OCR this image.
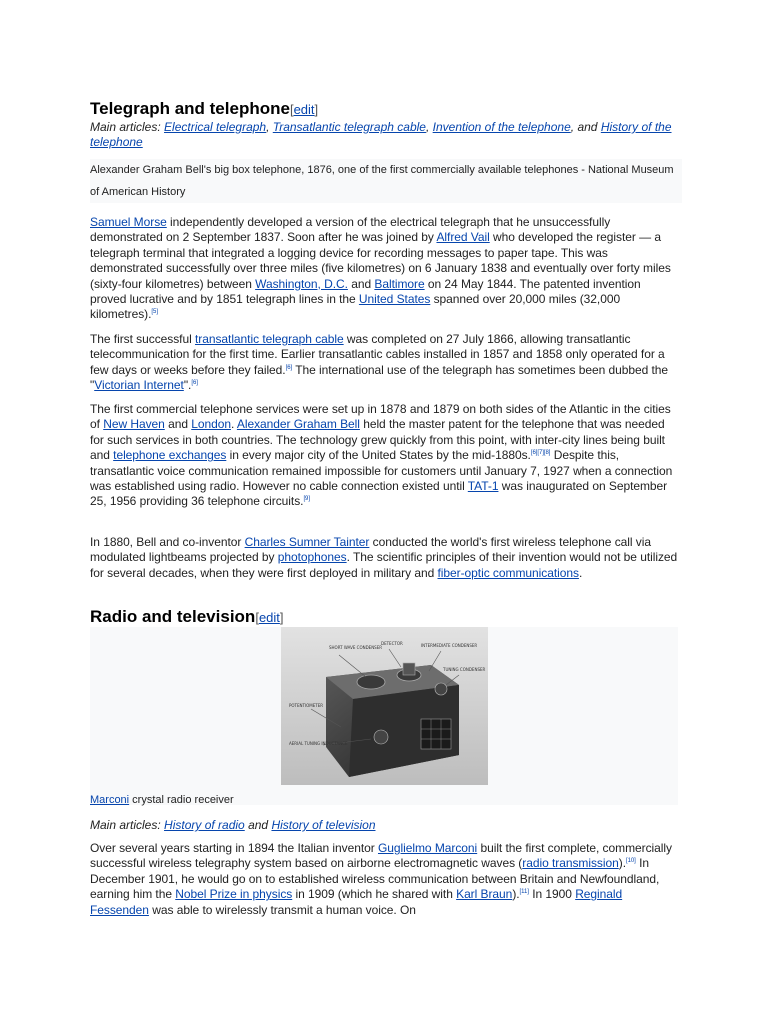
Telegraph and telephone[edit]
Main articles: Electrical telegraph, Transatlantic telegraph cable, Invention of the telephone, and History of the telephone
Alexander Graham Bell's big box telephone, 1876, one of the first commercially available telephones - National Museum of American History

Samuel Morse independently developed a version of the electrical telegraph that he unsuccessfully demonstrated on 2 September 1837. Soon after he was joined by Alfred Vail who developed the register — a telegraph terminal that integrated a logging device for recording messages to paper tape. This was demonstrated successfully over three miles (five kilometres) on 6 January 1838 and eventually over forty miles (sixty-four kilometres) between Washington, D.C. and Baltimore on 24 May 1844. The patented invention proved lucrative and by 1851 telegraph lines in the United States spanned over 20,000 miles (32,000 kilometres).[5]

The first successful transatlantic telegraph cable was completed on 27 July 1866, allowing transatlantic telecommunication for the first time. Earlier transatlantic cables installed in 1857 and 1858 only operated for a few days or weeks before they failed.[6] The international use of the telegraph has sometimes been dubbed the "Victorian Internet".[6]

The first commercial telephone services were set up in 1878 and 1879 on both sides of the Atlantic in the cities of New Haven and London. Alexander Graham Bell held the master patent for the telephone that was needed for such services in both countries. The technology grew quickly from this point, with inter-city lines being built and telephone exchanges in every major city of the United States by the mid-1880s.[6][7][8] Despite this, transatlantic voice communication remained impossible for customers until January 7, 1927 when a connection was established using radio. However no cable connection existed until TAT-1 was inaugurated on September 25, 1956 providing 36 telephone circuits.[9]

In 1880, Bell and co-inventor Charles Sumner Tainter conducted the world's first wireless telephone call via modulated lightbeams projected by photophones. The scientific principles of their invention would not be utilized for several decades, when they were first deployed in military and fiber-optic communications.

Radio and television[edit]
SHORT WAVE CONDENSER
DETECTOR	INTERMEDIATE CONDENSER
TUNING CONDENSER
POTENTIOMETER
AERIAL TUNING INDUCTANCE
Marconi crystal radio receiver
Main articles: History of radio and History of television

Over several years starting in 1894 the Italian inventor Guglielmo Marconi built the first complete, commercially successful wireless telegraphy system based on airborne electromagnetic waves (radio transmission).[10] In December 1901, he would go on to established wireless communication between Britain and Newfoundland, earning him the Nobel Prize in physics in 1909 (which he shared with Karl Braun).[11] In 1900 Reginald Fessenden was able to wirelessly transmit a human voice. On
